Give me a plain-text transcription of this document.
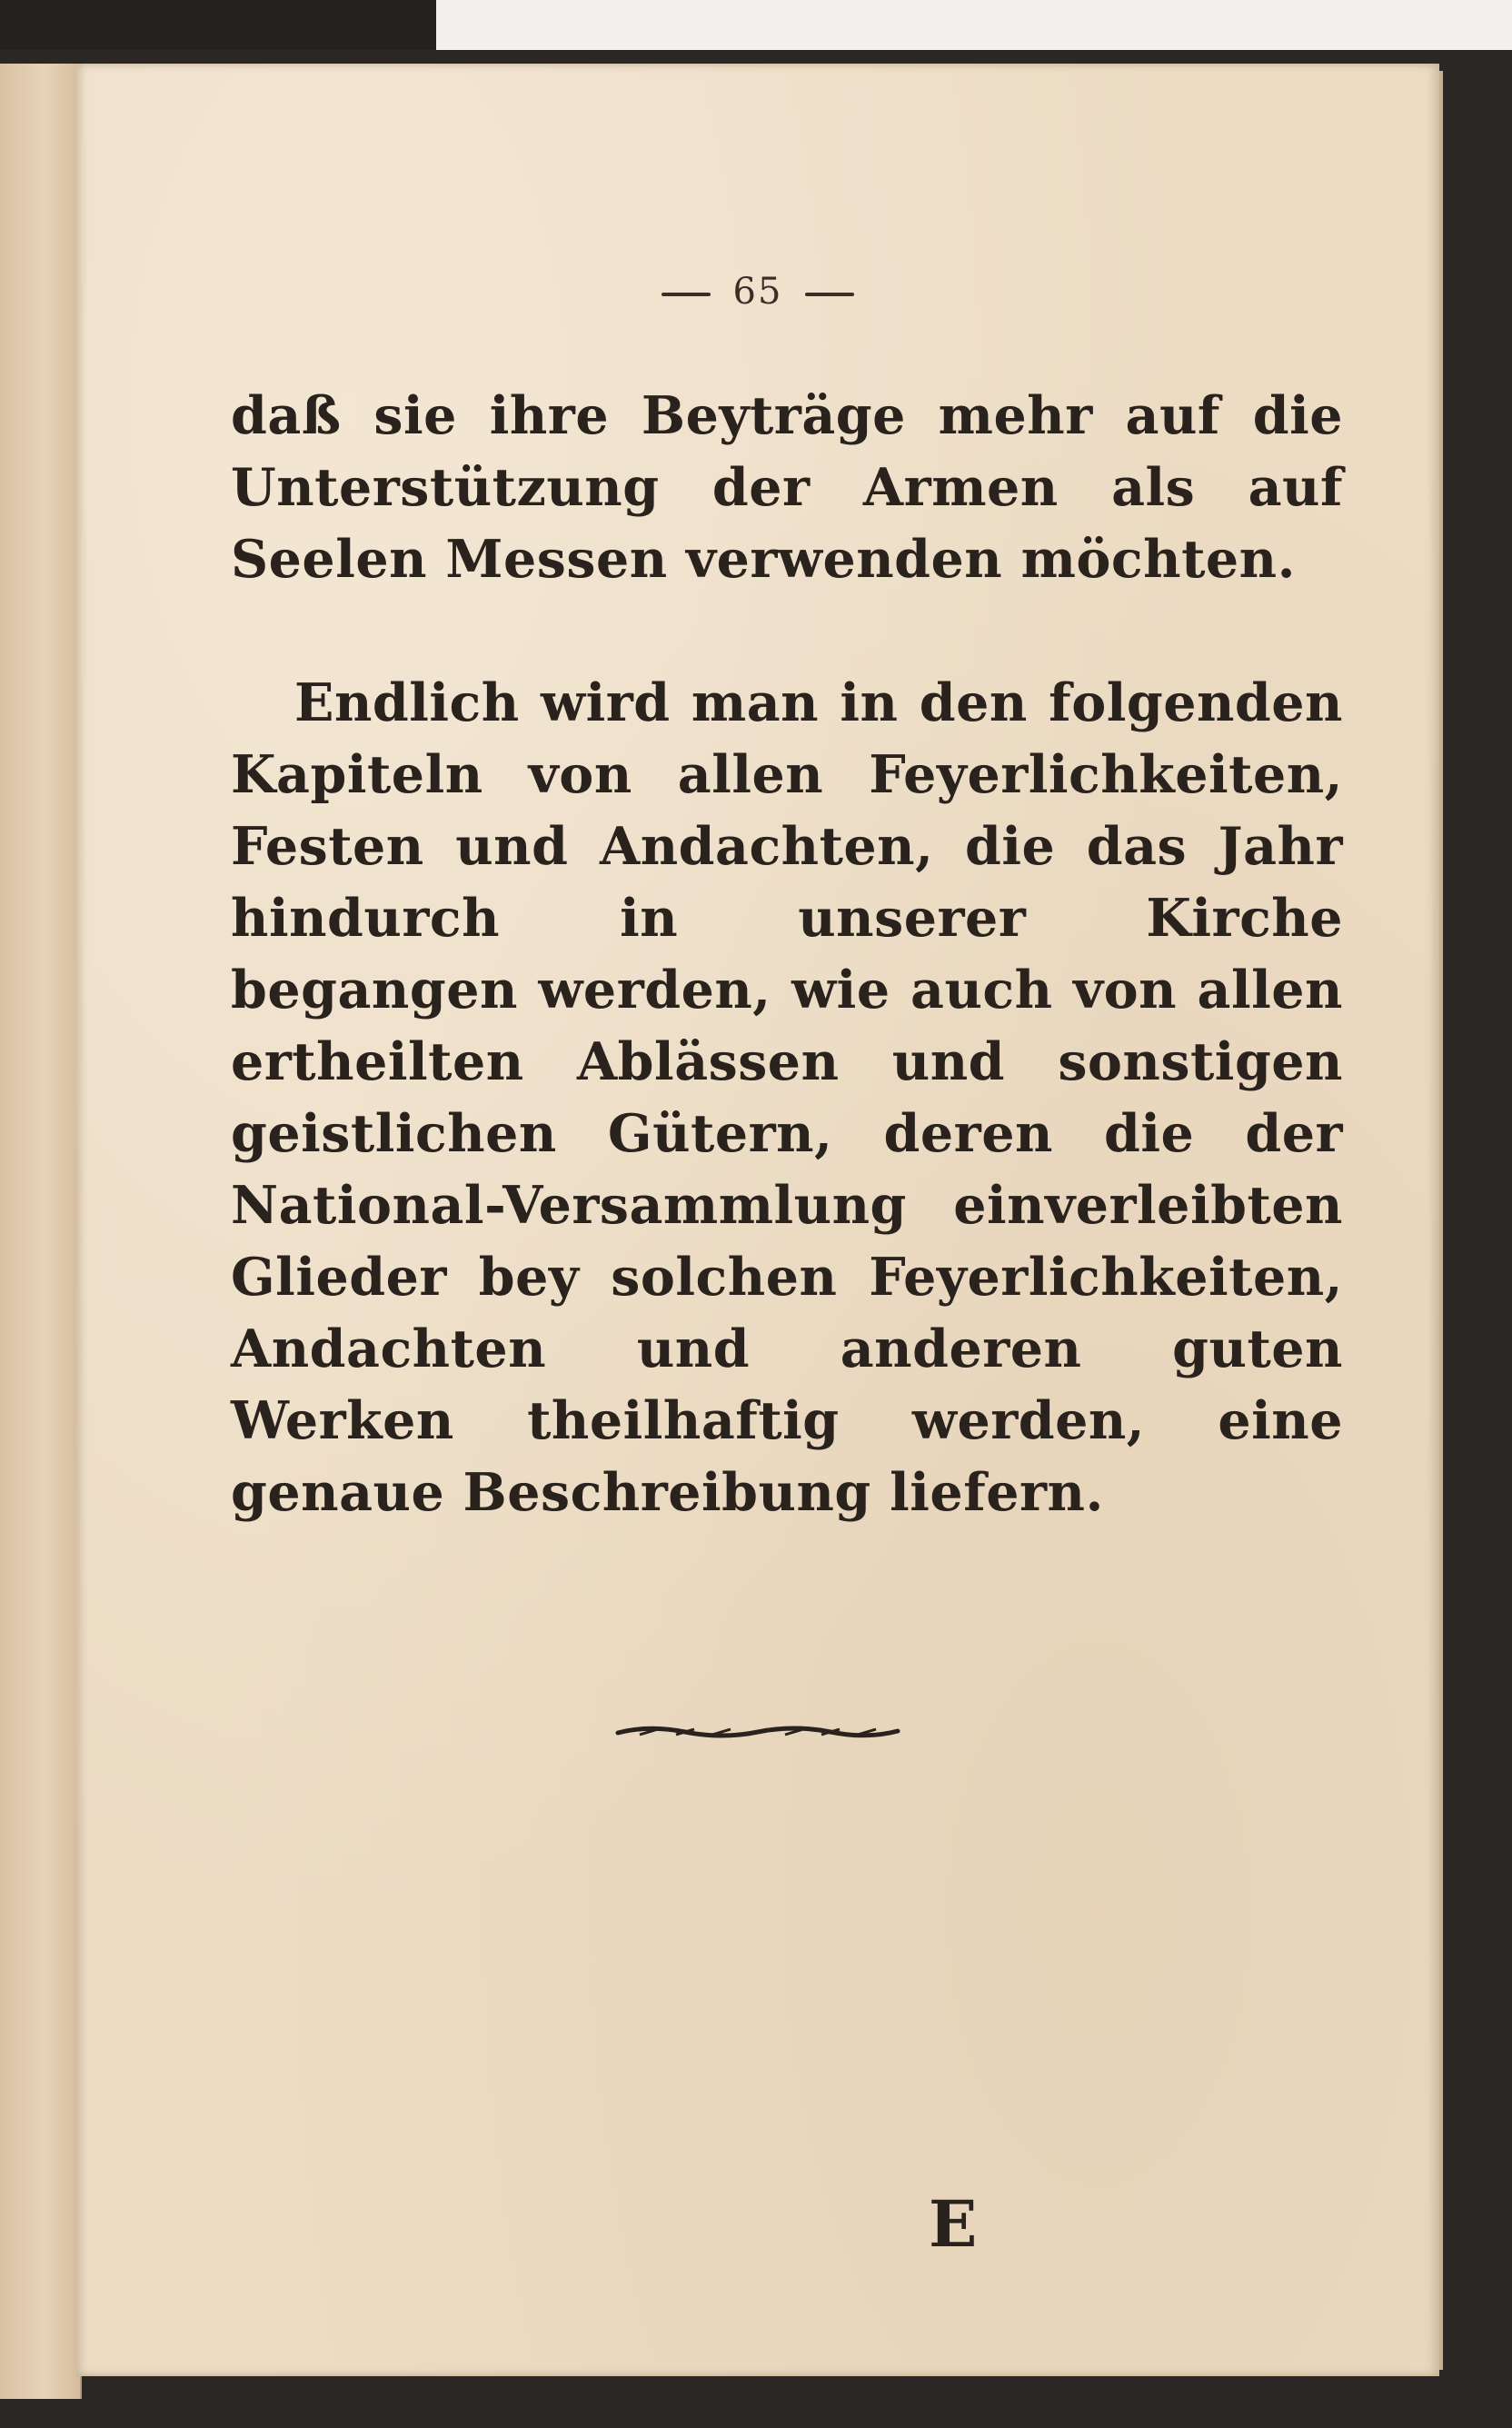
65
daß sie ihre Beyträge mehr auf die Unterstützung der Armen als auf Seelen Messen verwenden möchten.
Endlich wird man in den folgenden Kapiteln von allen Feyerlichkeiten, Festen und Andachten, die das Jahr hindurch in unserer Kirche begangen werden, wie auch von allen ertheilten Ablässen und sonstigen geistlichen Gütern, deren die der National-Versammlung einverleibten Glieder bey solchen Feyerlichkeiten, Andachten und anderen guten Werken theilhaftig werden, eine genaue Beschreibung liefern.
E
